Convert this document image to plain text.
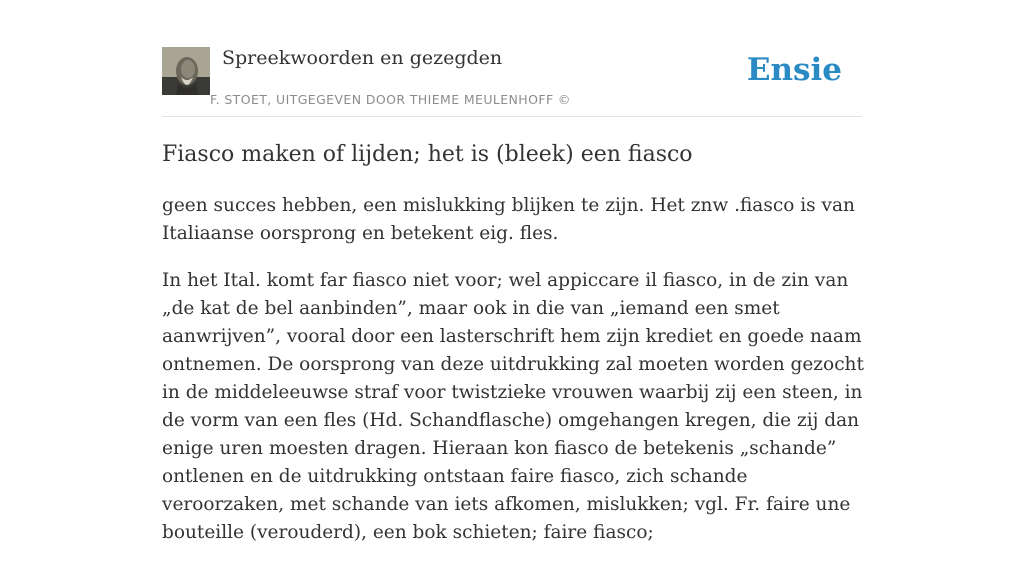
Spreekwoorden en gezegden
F. STOET, UITGEGEVEN DOOR THIEME MEULENHOFF ©
Ensie
Fiasco maken of lijden; het is (bleek) een fiasco

geen succes hebben, een mislukking blijken te zijn. Het znw .fiasco is van Italiaanse oorsprong en betekent eig. fles.

In het Ital. komt far fiasco niet voor; wel appiccare il fiasco, in de zin van „de kat de bel aanbinden”, maar ook in die van „iemand een smet aanwrijven”, vooral door een lasterschrift hem zijn krediet en goede naam ontnemen. De oorsprong van deze uitdrukking zal moeten worden gezocht in de middeleeuwse straf voor twistzieke vrouwen waarbij zij een steen, in de vorm van een fles (Hd. Schandflasche) omgehangen kregen, die zij dan enige uren moesten dragen. Hieraan kon fiasco de betekenis „schande” ontlenen en de uitdrukking ontstaan faire fiasco, zich schande veroorzaken, met schande van iets afkomen, mislukken; vgl. Fr. faire une bouteille (verouderd), een bok schieten; faire fiasco;
